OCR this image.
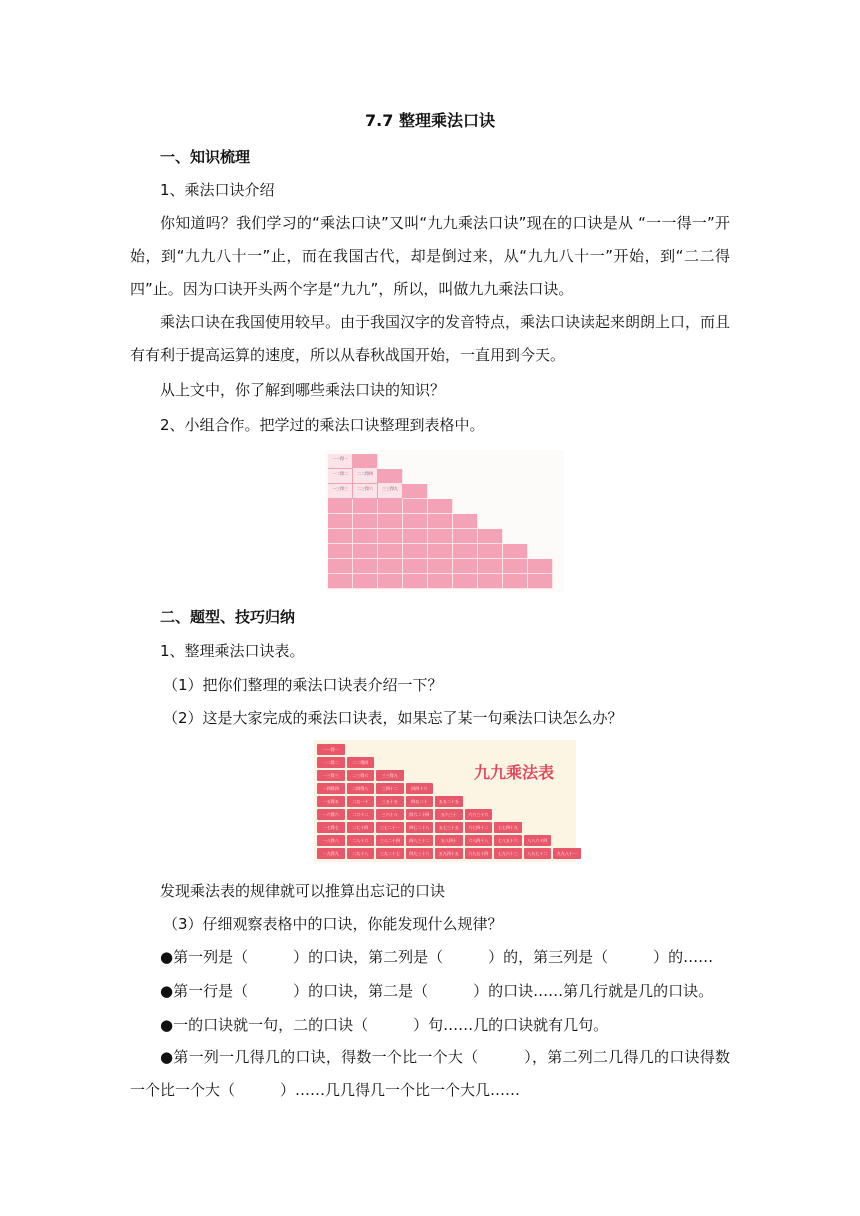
7.7 整理乘法口诀
一、知识梳理
1、乘法口诀介绍
你知道吗？我们学习的“乘法口诀”又叫“九九乘法口诀”现在的口诀是从 “一一得一”开始，到“九九八十一”止，而在我国古代，却是倒过来，从“九九八十一”开始，到“二二得四”止。因为口诀开头两个字是“九九”，所以，叫做九九乘法口诀。
乘法口诀在我国使用较早。由于我国汉字的发音特点，乘法口诀读起来朗朗上口，而且有有利于提高运算的速度，所以从春秋战国开始，一直用到今天。
从上文中，你了解到哪些乘法口诀的知识？
2、小组合作。把学过的乘法口诀整理到表格中。
一一得一
一二得二	二二得四
一三得三	二三得六	三三得九
二、题型、技巧归纳
1、整理乘法口诀表。
（1）把你们整理的乘法口诀表介绍一下？
（2）这是大家完成的乘法口诀表，如果忘了某一句乘法口诀怎么办？
九九乘法表
一一得一
一二得二	二二得四
一三得三	二三得六	三三得九
一四得四	二四得八	三四十二	四四十六
一五得五	二五一十	三五十五	四五二十	五五二十五
一六得六	二六十二	三六十八	四六二十四	五六三十	六六三十六
一七得七	二七十四	三七二十一	四七二十八	五七三十五	六七四十二	七七四十九
一八得八	二八十六	三八二十四	四八三十二	五八四十	六八四十八	七八五十六	八八六十四
一九得九	二九十八	三九二十七	四九三十六	五九四十五	六九五十四	七九六十三	八九七十二	九九八十一
发现乘法表的规律就可以推算出忘记的口诀
（3）仔细观察表格中的口诀，你能发现什么规律？
●第一列是（　　　）的口诀，第二列是（　　　）的，第三列是（　　　）的……
●第一行是（　　　）的口诀，第二是（　　　）的口诀……第几行就是几的口诀。
●一的口诀就一句，二的口诀（　　　）句……几的口诀就有几句。
●第一列一几得几的口诀，得数一个比一个大（　　　），第二列二几得几的口诀得数一个比一个大（　　　）……几几得几一个比一个大几……
